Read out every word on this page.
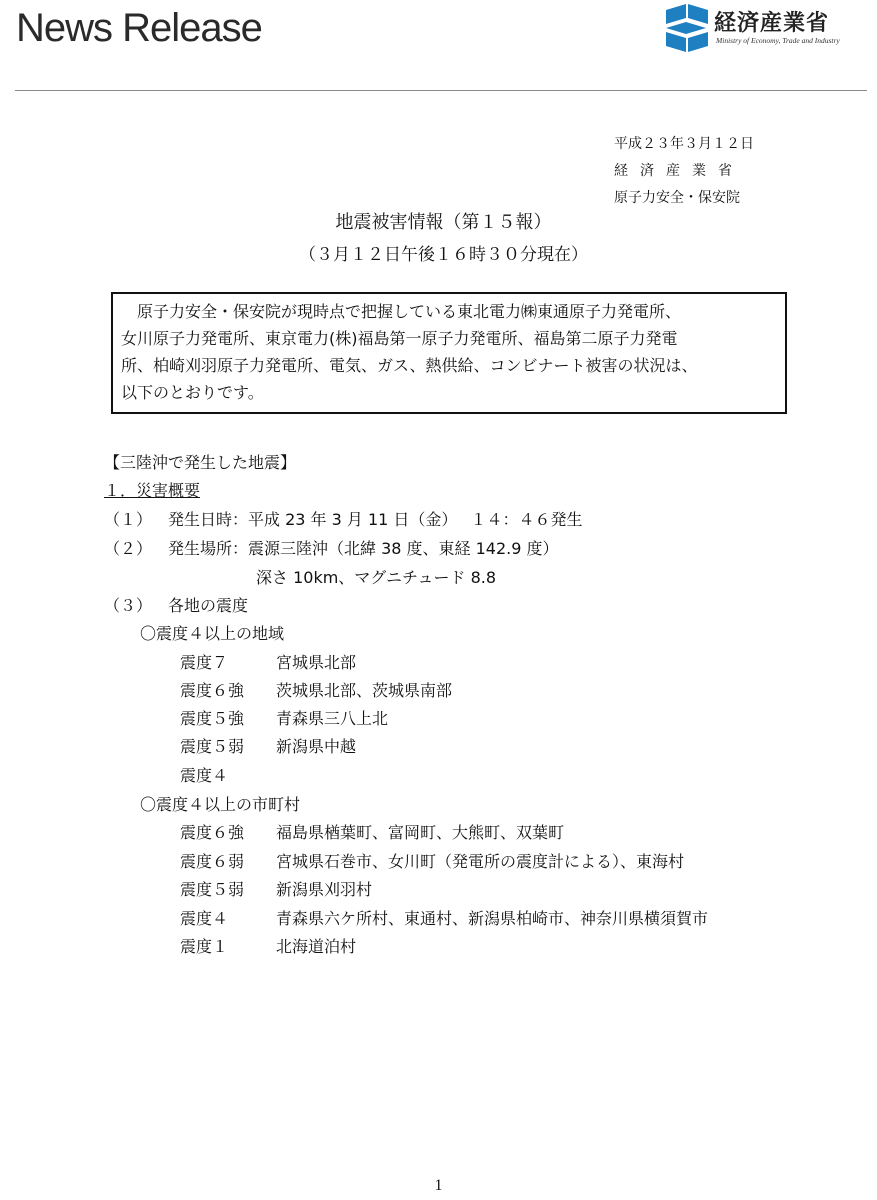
News Release	経済産業省
Ministry of Economy, Trade and Industry
平成２３年３月１２日
経済産業省
原子力安全・保安院
地震被害情報（第１５報）
（３月１２日午後１６時３０分現在）
原子力安全・保安院が現時点で把握している東北電力㈱東通原子力発電所、
女川原子力発電所、東京電力(株)福島第一原子力発電所、福島第二原子力発電
所、柏崎刈羽原子力発電所、電気、ガス、熱供給、コンビナート被害の状況は、
以下のとおりです。
【三陸沖で発生した地震】
１．災害概要
（１） 発生日時：平成 23 年 3 月 11 日（金）　 １４：４６発生
（２） 発生場所：震源三陸沖（北緯 38 度、東経 142.9 度）
深さ 10km、マグニチュード 8.8
（３） 各地の震度
〇震度４以上の地域
震度７	宮城県北部
震度６強 茨城県北部、茨城県南部
震度５強 青森県三八上北
震度５弱 新潟県中越
震度４
〇震度４以上の市町村
震度６強 福島県楢葉町、富岡町、大熊町、双葉町
震度６弱 宮城県石巻市、女川町（発電所の震度計による）、東海村
震度５弱 新潟県刈羽村
震度４	青森県六ケ所村、東通村、新潟県柏崎市、神奈川県横須賀市
震度１	北海道泊村
1
